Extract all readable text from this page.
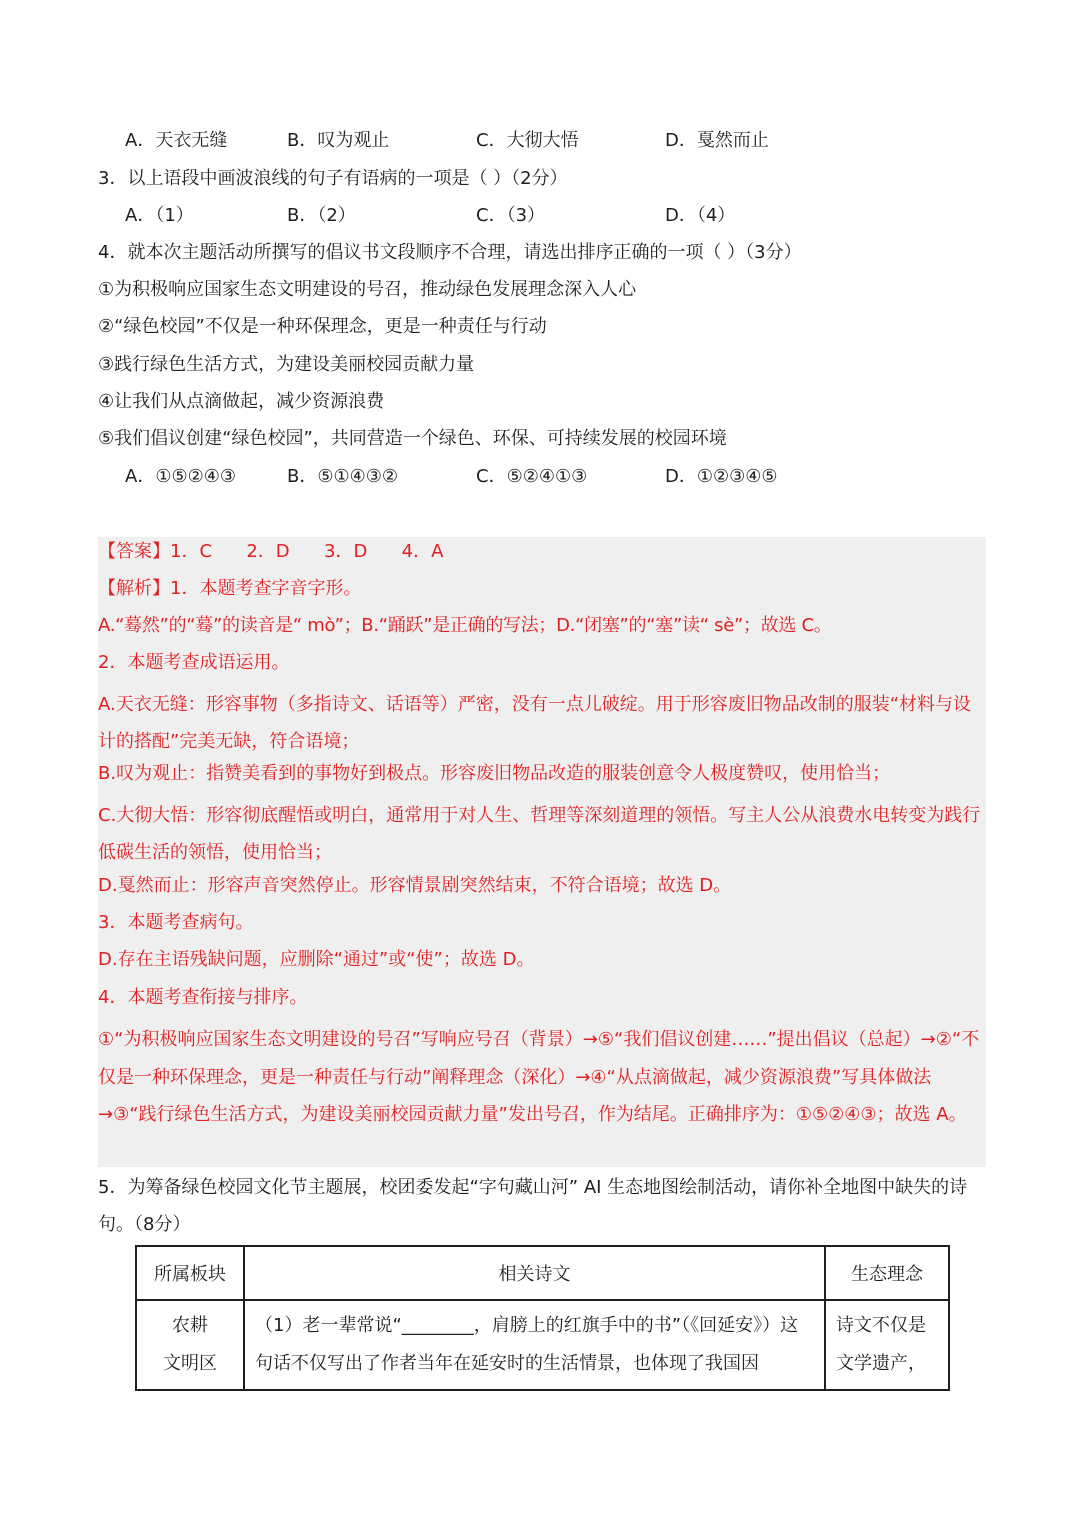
A．天衣无缝	B．叹为观止	C．大彻大悟	D．戛然而止
3．以上语段中画波浪线的句子有语病的一项是（ ）（2分）
A．（1）	B．（2）	C．（3）	D．（4）
4．就本次主题活动所撰写的倡议书文段顺序不合理，请选出排序正确的一项（ ）（3分）
①为积极响应国家生态文明建设的号召，推动绿色发展理念深入人心
②“绿色校园”不仅是一种环保理念，更是一种责任与行动
③践行绿色生活方式，为建设美丽校园贡献力量
④让我们从点滴做起，减少资源浪费
⑤我们倡议创建“绿色校园”，共同营造一个绿色、环保、可持续发展的校园环境
A．①⑤②④③	B．⑤①④③②	C．⑤②④①③	D．①②③④⑤
【答案】1．C      2．D      3．D      4．A
【解析】1．本题考查字音字形。
A.“蓦然”的“蓦”的读音是“ mò”；B.“踊跃”是正确的写法；D.“闭塞”的“塞”读“ sè”；故选 C。
2．本题考查成语运用。
A.天衣无缝：形容事物（多指诗文、话语等）严密，没有一点儿破绽。用于形容废旧物品改制的服装“材料与设计的搭配”完美无缺，符合语境；
B.叹为观止：指赞美看到的事物好到极点。形容废旧物品改造的服装创意令人极度赞叹，使用恰当；
C.大彻大悟：形容彻底醒悟或明白，通常用于对人生、哲理等深刻道理的领悟。写主人公从浪费水电转变为践行低碳生活的领悟，使用恰当；
D.戛然而止：形容声音突然停止。形容情景剧突然结束，不符合语境；故选 D。
3．本题考查病句。
D.存在主语残缺问题，应删除“通过”或“使”；故选 D。
4．本题考查衔接与排序。
①“为积极响应国家生态文明建设的号召”写响应号召（背景）→⑤“我们倡议创建……”提出倡议（总起）→②“不仅是一种环保理念，更是一种责任与行动”阐释理念（深化）→④“从点滴做起，减少资源浪费”写具体做法→③“践行绿色生活方式，为建设美丽校园贡献力量”发出号召，作为结尾。正确排序为：①⑤②④③；故选 A。
5．为筹备绿色校园文化节主题展，校团委发起“字句藏山河” AI 生态地图绘制活动，请你补全地图中缺失的诗句。（8分）
所属板块	相关诗文	生态理念
农耕
文明区	（1）老一辈常说“________，肩膀上的红旗手中的书”（《回延安》）这句话不仅写出了作者当年在延安时的生活情景，也体现了我国因	诗文不仅是文学遗产，
